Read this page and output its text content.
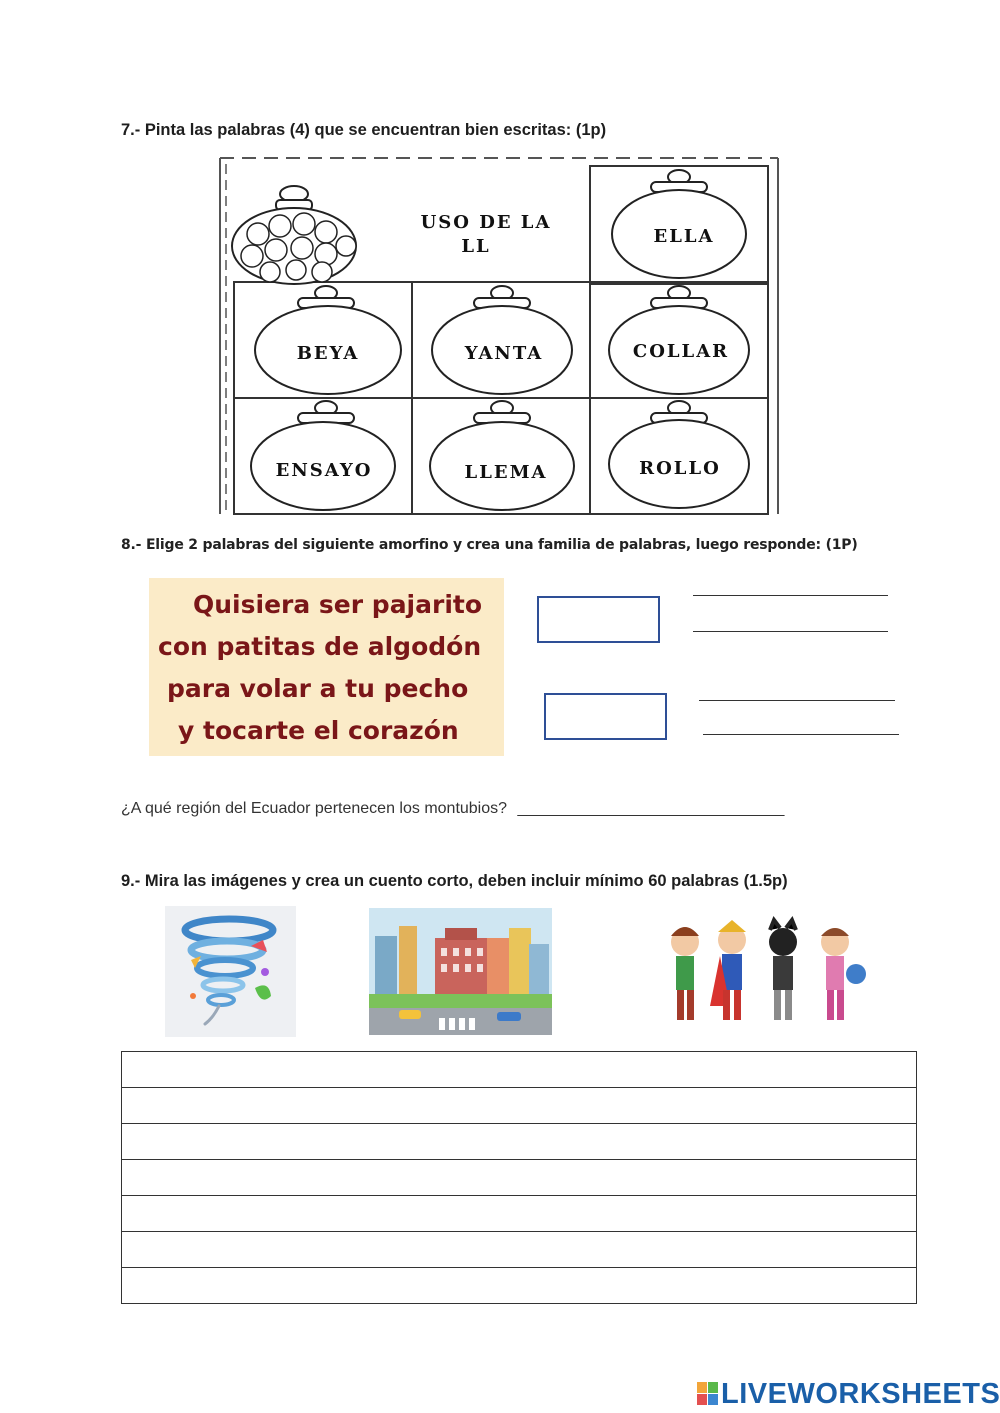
7.- Pinta las palabras (4) que se encuentran bien escritas: (1p)
USO DE LA
LL	ELLA
BEYA	YANTA	COLLAR
ENSAYO	LLEMA	ROLLO
8.- Elige 2 palabras del siguiente amorfino y crea una familia de palabras, luego responde: (1P)
Quisiera ser pajarito
con patitas de algodón
para volar a tu pecho
y tocarte el corazón
¿A qué región del Ecuador pertenecen los montubios? ______________________________
9.- Mira las imágenes y crea un cuento corto, deben incluir mínimo 60 palabras (1.5p)
LIVEWORKSHEETS
